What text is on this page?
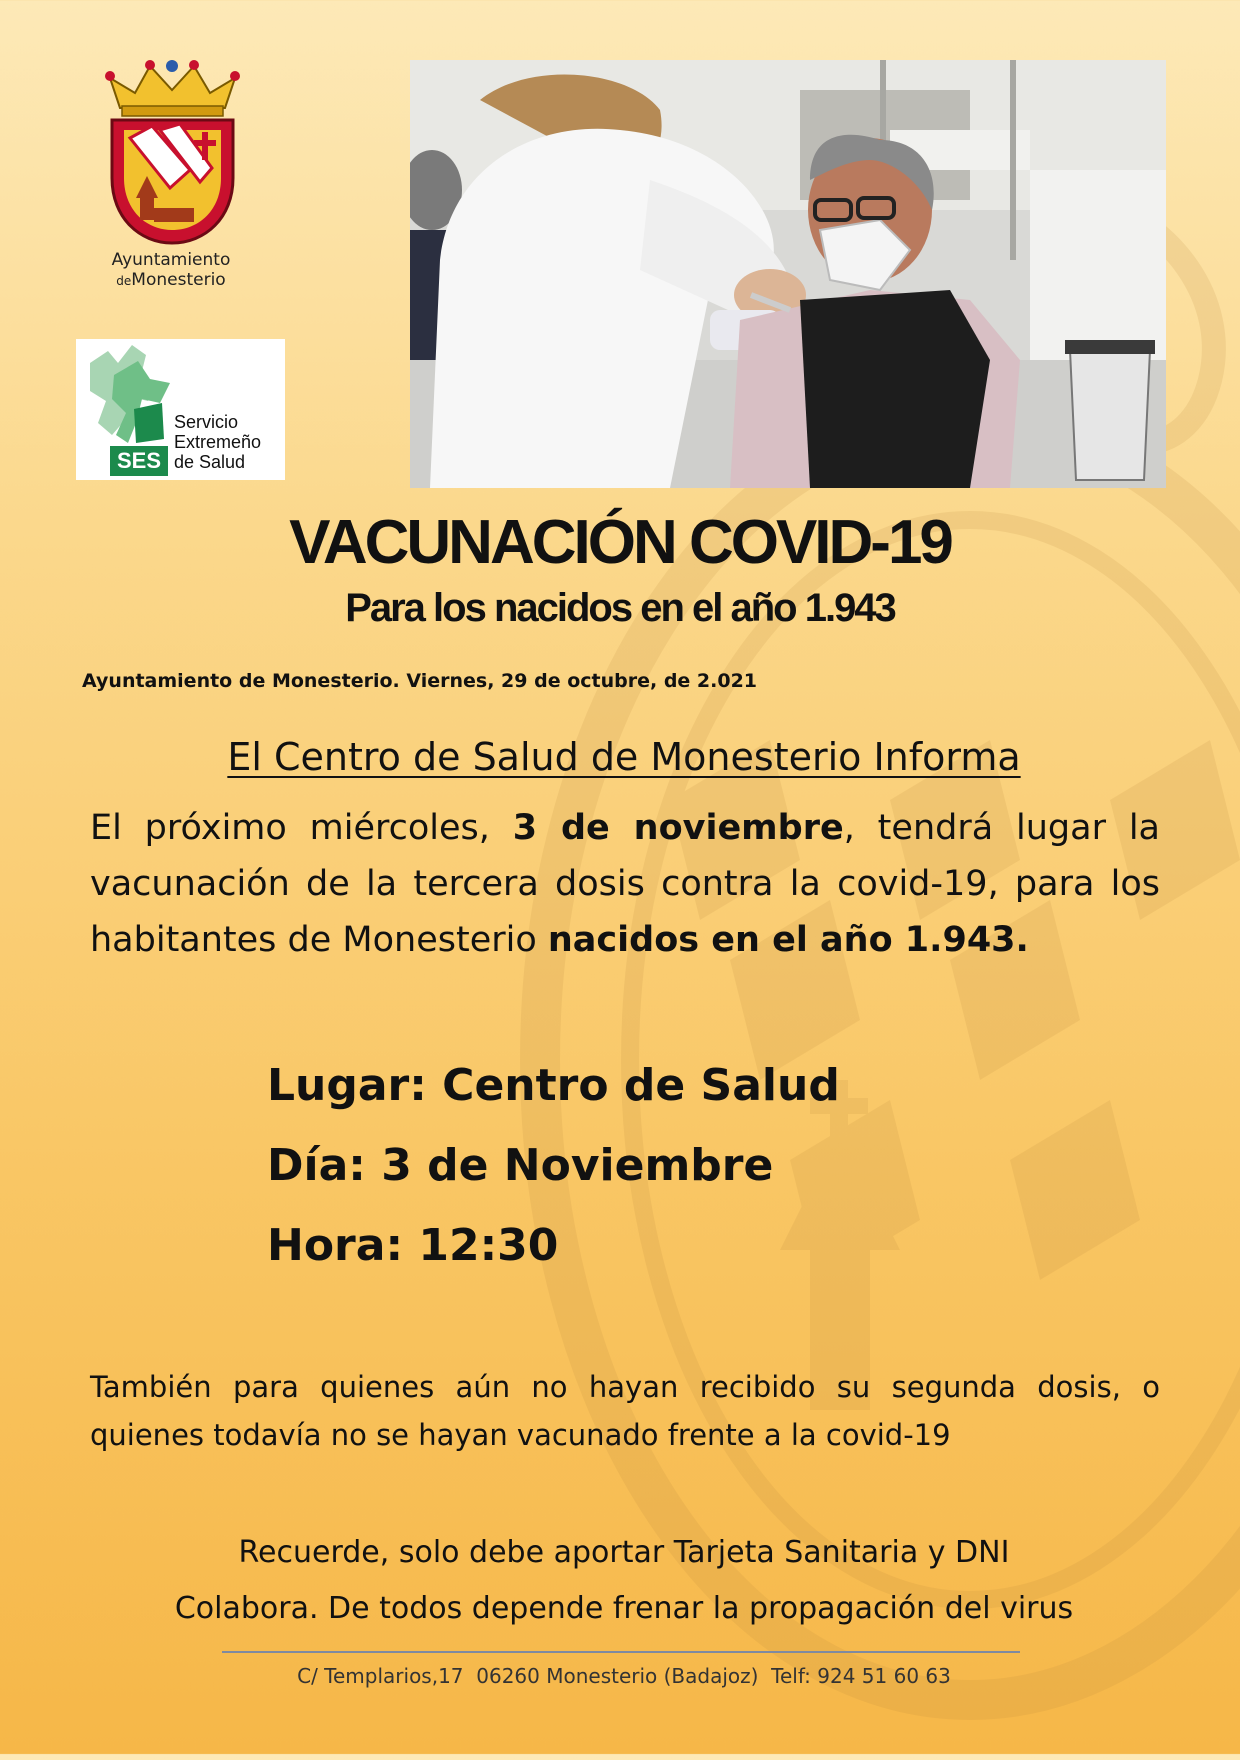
Ayuntamiento
deMonesterio
SES
Servicio
Extremeño
de Salud
VACUNACIÓN COVID-19
Para los nacidos en el año 1.943
Ayuntamiento de Monesterio. Viernes, 29 de octubre, de 2.021
El Centro de Salud de Monesterio Informa

El próximo miércoles, 3 de noviembre, tendrá lugar la vacunación de la tercera dosis contra la covid-19, para los habitantes de Monesterio nacidos en el año 1.943.

Lugar: Centro de Salud
Día: 3 de Noviembre
Hora: 12:30

También para quienes aún no hayan recibido su segunda dosis, o quienes todavía no se hayan vacunado frente a la covid-19

Recuerde, solo debe aportar Tarjeta Sanitaria y DNI
Colabora. De todos depende frenar la propagación del virus
C/ Templarios,17  06260 Monesterio (Badajoz)  Telf: 924 51 60 63
